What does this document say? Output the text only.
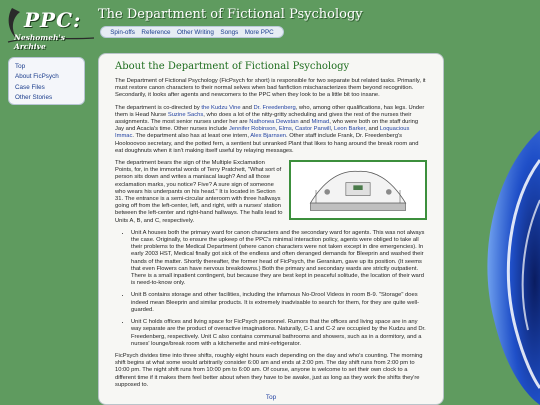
PPC:
Neshomeh's Archive
The Department of Fictional Psychology
Spin-offs Reference Other Writing Songs More PPC
Top
About FicPsych
Case Files
Other Stories
About the Department of Fictional Psychology

The Department of Fictional Psychology (FicPsych for short) is responsible for two separate but related tasks. Primarily, it must restore canon characters to their normal selves when bad fanfiction mischaracterizes them beyond recognition. Secondarily, it looks after agents and newcomers to the PPC when they look to be a little bit too insane.

The department is co-directed by the Kudzu Vine and Dr. Freedenberg, who, among other qualifications, has legs. Under them is Head Nurse Suzine Sachs, who does a lot of the nitty-gritty scheduling and gives the rest of the nurses their assignments. The most senior nurses under her are Nathonea Dewstan and Mirnad, who were both on the staff during Jay and Acacia's time. Other nurses include Jennifer Robinson, Elms, Castor Parwill, Leon Barker, and Loquacious Immac. The department also has at least one intern, Alex Bjarnsen. Other staff include Frank, Dr. Freedenberg's Hoolooovoo secretary, and the potted fern, a sentient but unranked Plant that likes to hang around the break room and eat doughnuts when it isn't making itself useful by relaying messages.

The department bears the sign of the Multiple Exclamation Points, for, in the immortal words of Terry Pratchett, "What sort of person sits down and writes a maniacal laugh? And all those exclamation marks, you notice? Five? A sure sign of someone who wears his underpants on his head." It is located in Section 31. The entrance is a semi-circular anteroom with three hallways going off from the left-center, left, and right, with a nurses' station between the left-center and right-hand hallways. The halls lead to Units A, B, and C, respectively.

• Unit A houses both the primary ward for canon characters and the secondary ward for agents. This was not always the case. Originally, to ensure the upkeep of the PPC's minimal interaction policy, agents were obliged to take all their problems to the Medical Department (where canon characters were not taken except in dire emergencies). In early 2003 HST, Medical finally got sick of the endless and often deranged demands for Bleeprin and washed their hands of the matter. Shortly thereafter, the former head of FicPsych, the Geranium, gave up its position. (It seems that even Flowers can have nervous breakdowns.) Both the primary and secondary wards are strictly outpatient. There is a small inpatient contingent, but because they are best kept in peaceful solitude, the location of their ward is need-to-know only.
• Unit B contains storage and other facilities, including the infamous No-Drool Videos in room B-9. "Storage" does indeed mean Bleeprin and similar products. It is extremely inadvisable to search for them, for they are quite well-guarded.
• Unit C holds offices and living space for FicPsych personnel. Rumors that the offices and living space are in any way separate are the product of overactive imaginations. Naturally, C-1 and C-2 are occupied by the Kudzu and Dr. Freedenberg, respectively. Unit C also contains communal bathrooms and showers, such as in a dormitory, and a nurses' lounge/break room with a kitchenette and mini-refrigerator.

FicPsych divides time into three shifts, roughly eight hours each depending on the day and who's counting. The morning shift begins at what some would arbitrarily consider 6:00 am and ends at 2:00 pm. The day shift runs from 2:00 pm to 10:00 pm. The night shift runs from 10:00 pm to 6:00 am. Of course, anyone is welcome to set their own clock to a different time if it makes them feel better about when they have to be awake, just as long as they work the shifts they're supposed to.

Top
